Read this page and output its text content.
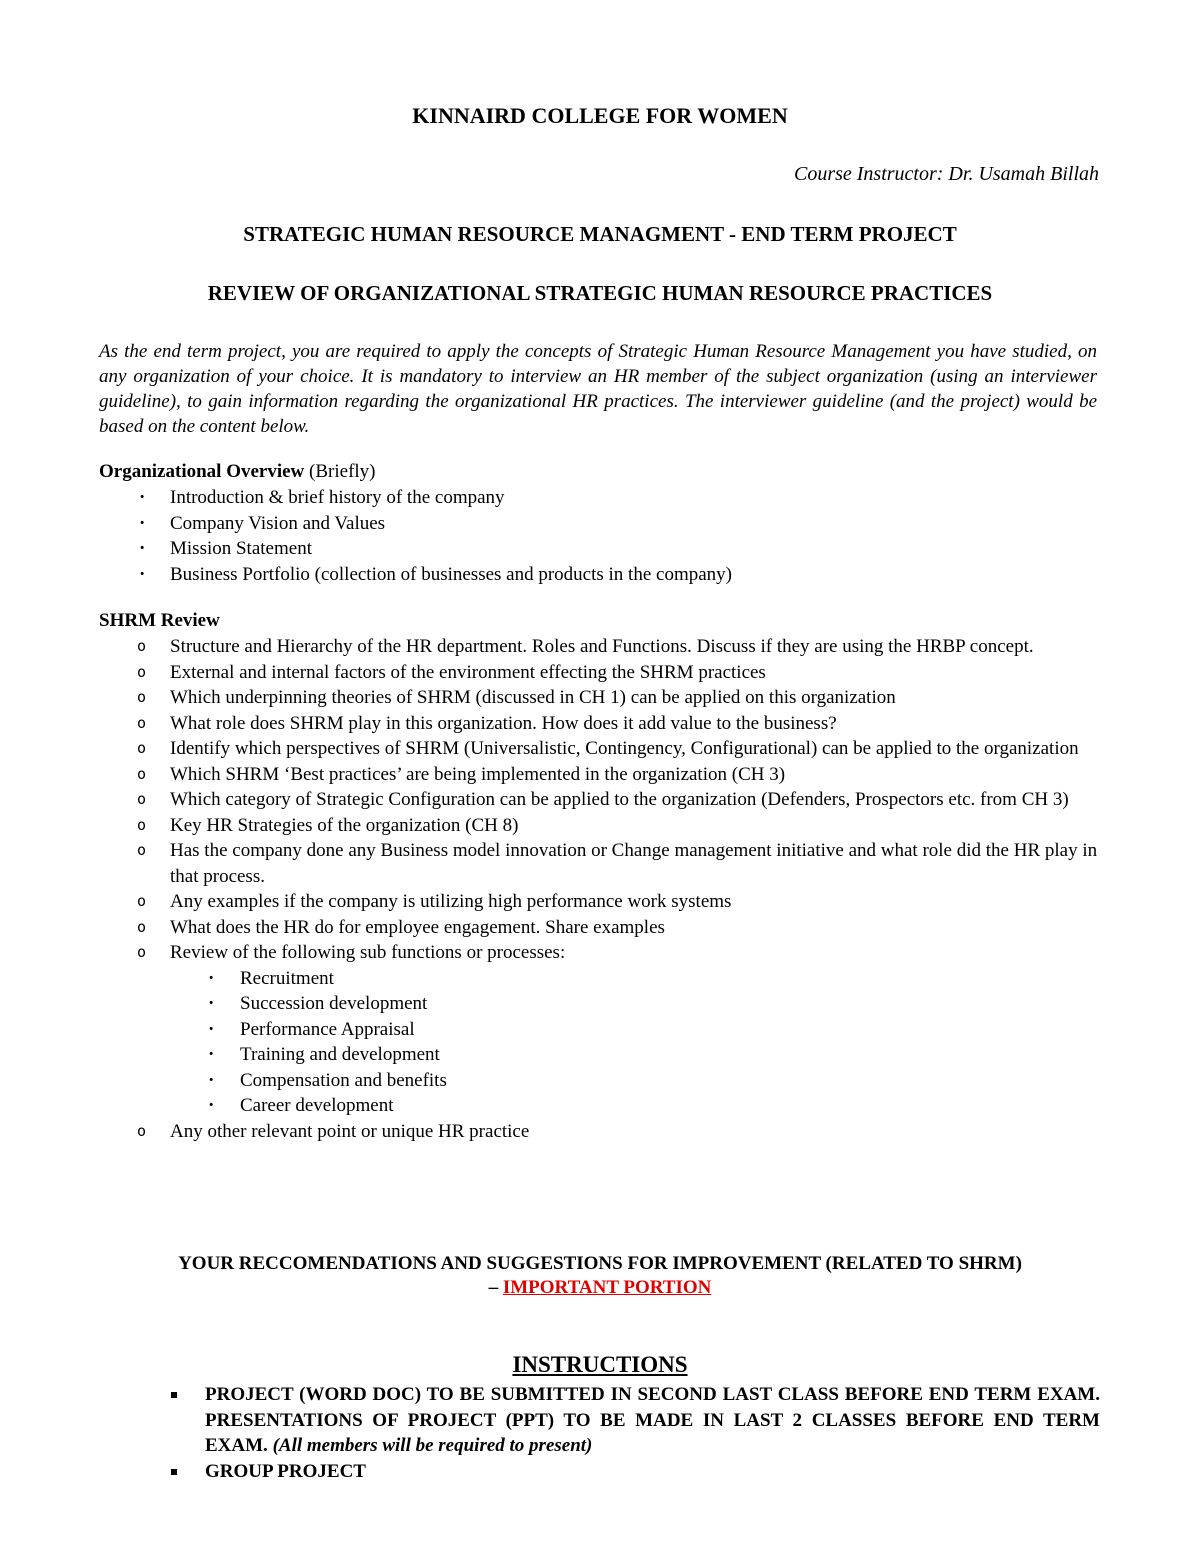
KINNAIRD COLLEGE FOR WOMEN

Course Instructor: Dr. Usamah Billah

STRATEGIC HUMAN RESOURCE MANAGMENT - END TERM PROJECT

REVIEW OF ORGANIZATIONAL STRATEGIC HUMAN RESOURCE PRACTICES

As the end term project, you are required to apply the concepts of Strategic Human Resource Management you have studied, on any organization of your choice. It is mandatory to interview an HR member of the subject organization (using an interviewer guideline), to gain information regarding the organizational HR practices. The interviewer guideline (and the project) would be based on the content below.

Organizational Overview (Briefly)

· Introduction & brief history of the company
· Company Vision and Values
· Mission Statement
· Business Portfolio (collection of businesses and products in the company)

SHRM Review

o Structure and Hierarchy of the HR department. Roles and Functions. Discuss if they are using the HRBP concept.
o External and internal factors of the environment effecting the SHRM practices
o Which underpinning theories of SHRM (discussed in CH 1) can be applied on this organization
o What role does SHRM play in this organization. How does it add value to the business?
o Identify which perspectives of SHRM (Universalistic, Contingency, Configurational) can be applied to the organization
o Which SHRM ‘Best practices’ are being implemented in the organization (CH 3)
o Which category of Strategic Configuration can be applied to the organization (Defenders, Prospectors etc. from CH 3)
o Key HR Strategies of the organization (CH 8)
o Has the company done any Business model innovation or Change management initiative and what role did the HR play in that process.
o Any examples if the company is utilizing high performance work systems
o What does the HR do for employee engagement. Share examples
o Review of the following sub functions or processes:
· Recruitment
· Succession development
· Performance Appraisal
· Training and development
· Compensation and benefits
· Career development
o Any other relevant point or unique HR practice

YOUR RECCOMENDATIONS AND SUGGESTIONS FOR IMPROVEMENT (RELATED TO SHRM)

– IMPORTANT PORTION

INSTRUCTIONS

PROJECT (WORD DOC) TO BE SUBMITTED IN SECOND LAST CLASS BEFORE END TERM EXAM. PRESENTATIONS OF PROJECT (PPT) TO BE MADE IN LAST 2 CLASSES BEFORE END TERM EXAM. (All members will be required to present)
GROUP PROJECT
